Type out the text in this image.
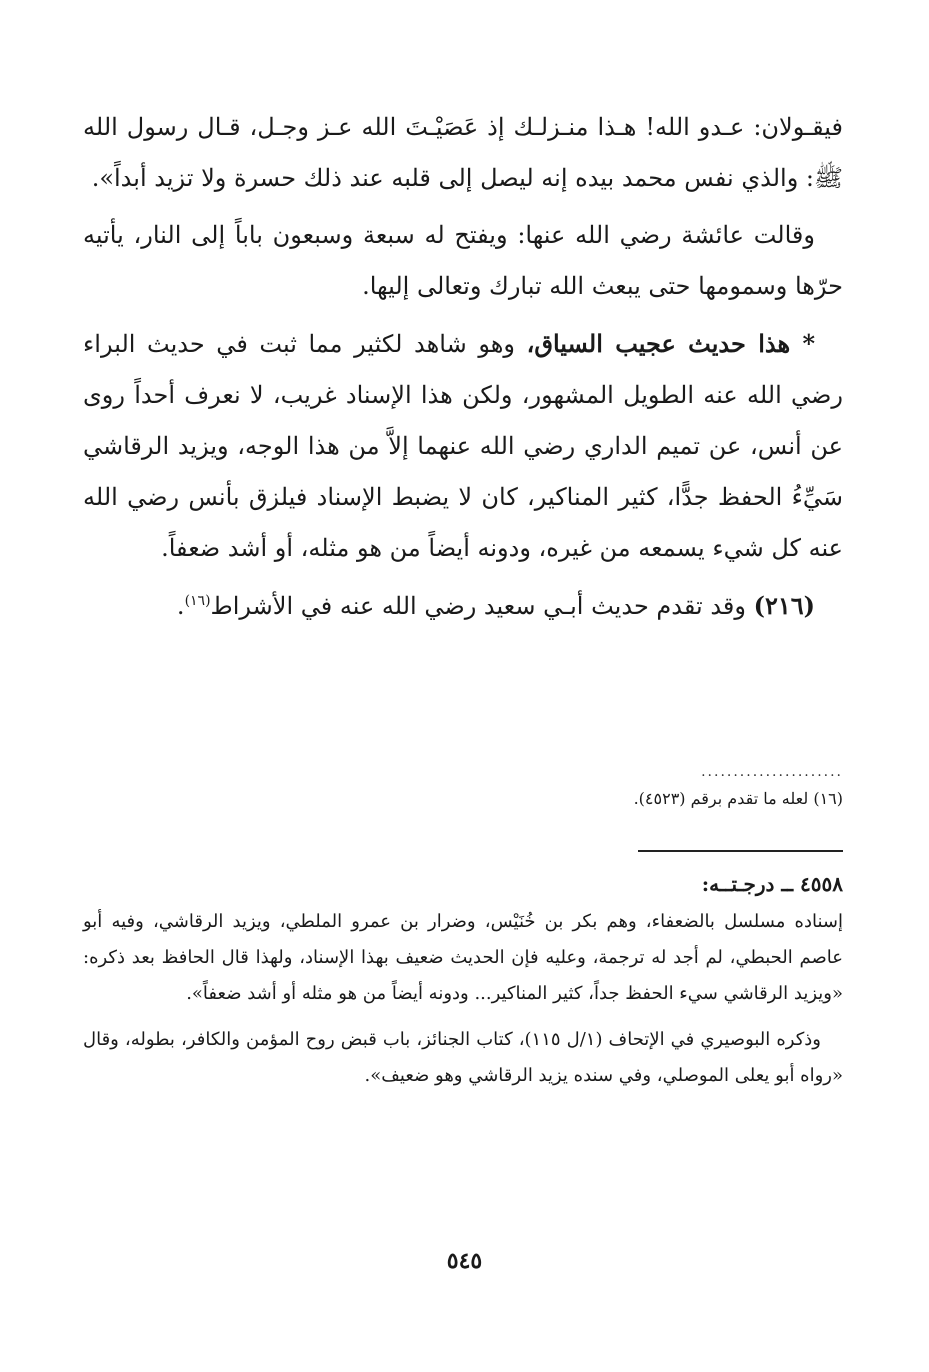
فيقـولان: عـدو الله! هـذا منـزلـك إذ عَصَيْـتَ الله عـز وجـل، قـال رسول الله ﷺ: والذي نفس محمد بيده إنه ليصل إلى قلبه عند ذلك حسرة ولا تزيد أبداً».

وقالت عائشة رضي الله عنها: ويفتح له سبعة وسبعون باباً إلى النار، يأتيه حرّها وسمومها حتى يبعث الله تبارك وتعالى إليها.

* هذا حديث عجيب السياق، وهو شاهد لكثير مما ثبت في حديث البراء رضي الله عنه الطويل المشهور، ولكن هذا الإسناد غريب، لا نعرف أحداً روى عن أنس، عن تميم الداري رضي الله عنهما إلاَّ من هذا الوجه، ويزيد الرقاشي سَيِّءُ الحفظ جدًّا، كثير المناكير، كان لا يضبط الإسناد فيلزق بأنس رضي الله عنه كل شيء يسمعه من غيره، ودونه أيضاً من هو مثله، أو أشد ضعفاً.

(٢١٦) وقد تقدم حديث أبـي سعيد رضي الله عنه في الأشراط$^{(١٦)}$.

......................
(١٦) لعله ما تقدم برقم (٤٥٢٣).
٤٥٥٨ ــ درجـتــه:

إسناده مسلسل بالضعفاء، وهم بكر بن خُنَيْس، وضرار بن عمرو الملطي، ويزيد الرقاشي، وفيه أبو عاصم الحبطي، لم أجد له ترجمة، وعليه فإن الحديث ضعيف بهذا الإسناد، ولهذا قال الحافظ بعد ذكره: «ويزيد الرقاشي سيء الحفظ جداً، كثير المناكير... ودونه أيضاً من هو مثله أو أشد ضعفاً».

وذكره البوصيري في الإتحاف (١/ل ١١٥)، كتاب الجنائز، باب قبض روح المؤمن والكافر، بطوله، وقال «رواه أبو يعلى الموصلي، وفي سنده يزيد الرقاشي وهو ضعيف».

٥٤٥
